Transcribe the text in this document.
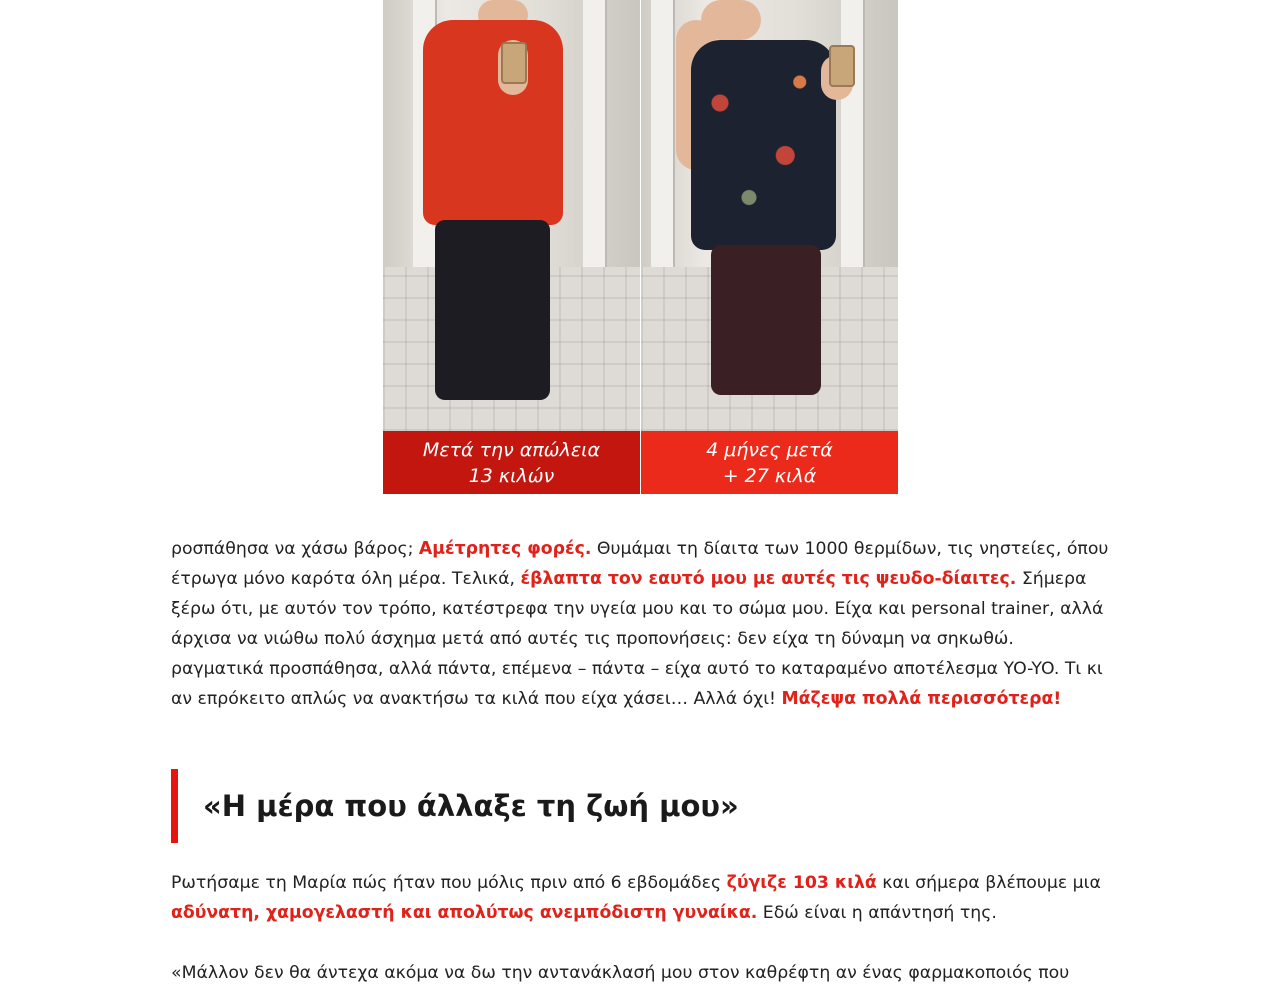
Μετά την απώλεια
13 κιλών
4 μήνες μετά
+ 27 κιλά

ροσπάθησα να χάσω βάρος; Αμέτρητες φορές. Θυμάμαι τη δίαιτα των 1000 θερμίδων, τις νηστείες, όπου έτρωγα μόνο καρότα όλη μέρα. Τελικά, έβλαπτα τον εαυτό μου με αυτές τις ψευδο-δίαιτες. Σήμερα ξέρω ότι, με αυτόν τον τρόπο, κατέστρεφα την υγεία μου και το σώμα μου. Είχα και personal trainer, αλλά άρχισα να νιώθω πολύ άσχημα μετά από αυτές τις προπονήσεις: δεν είχα τη δύναμη να σηκωθώ. ραγματικά προσπάθησα, αλλά πάντα, επέμενα – πάντα – είχα αυτό το καταραμένο αποτέλεσμα YO-YO. Τι κι αν επρόκειτο απλώς να ανακτήσω τα κιλά που είχα χάσει… Αλλά όχι! Μάζεψα πολλά περισσότερα!

«Η μέρα που άλλαξε τη ζωή μου»

Ρωτήσαμε τη Μαρία πώς ήταν που μόλις πριν από 6 εβδομάδες ζύγιζε 103 κιλά και σήμερα βλέπουμε μια αδύνατη, χαμογελαστή και απολύτως ανεμπόδιστη γυναίκα. Εδώ είναι η απάντησή της.

«Μάλλον δεν θα άντεχα ακόμα να δω την αντανάκλασή μου στον καθρέφτη αν ένας φαρμακοποιός που
